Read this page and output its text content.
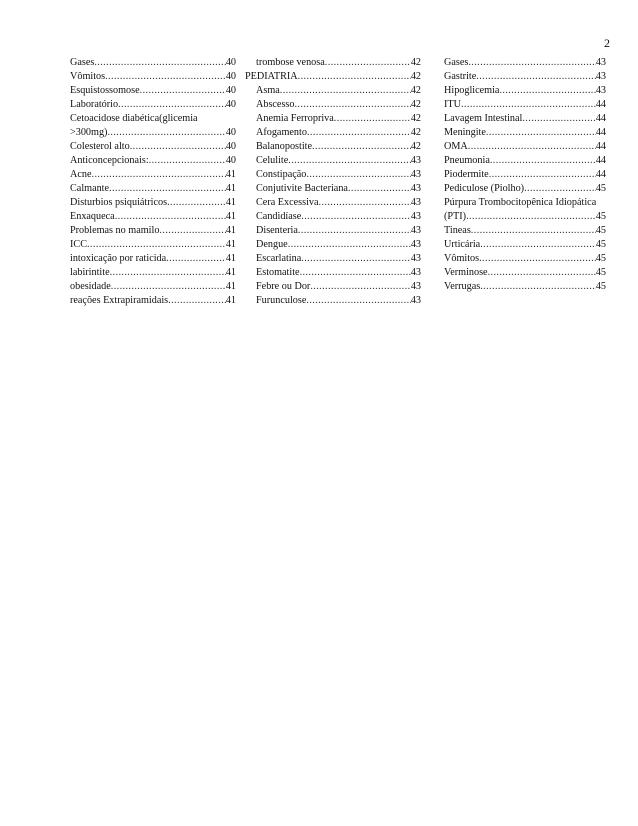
2
Gases .....	40
Vômitos .....	40
Esquistossomose .....	40
Laboratório .....	40
Cetoacidose diabética(glicemia
>300mg) .....	40
Colesterol alto .....	40
Anticoncepcionais: .....	40
Acne .....	41
Calmante .....	41
Disturbios psiquiátricos .....	41
Enxaqueca .....	41
Problemas no mamilo .....	41
ICC .....	41
intoxicação por raticida .....	41
labirintite .....	41
obesidade .....	41
reações Extrapiramidais .....	41
trombose venosa .....	42
PEDIATRIA .....	42
Asma .....	42
Abscesso .....	42
Anemia Ferropriva .....	42
Afogamento .....	42
Balanopostite .....	42
Celulite .....	43
Constipação .....	43
Conjutivite Bacteriana .....	43
Cera Excessiva .....	43
Candidíase .....	43
Disenteria .....	43
Dengue .....	43
Escarlatina .....	43
Estomatite .....	43
Febre ou Dor .....	43
Furunculose .....	43
Gases .....	43
Gastrite .....	43
Hipoglicemia .....	43
ITU .....	44
Lavagem Intestinal .....	44
Meningite .....	44
OMA .....	44
Pneumonia .....	44
Piodermite .....	44
Pediculose (Piolho) .....	45
Púrpura Trombocitopênica Idiopática
(PTI) .....	45
Tineas .....	45
Urticária .....	45
Vômitos .....	45
Verminose .....	45
Verrugas .....	45
